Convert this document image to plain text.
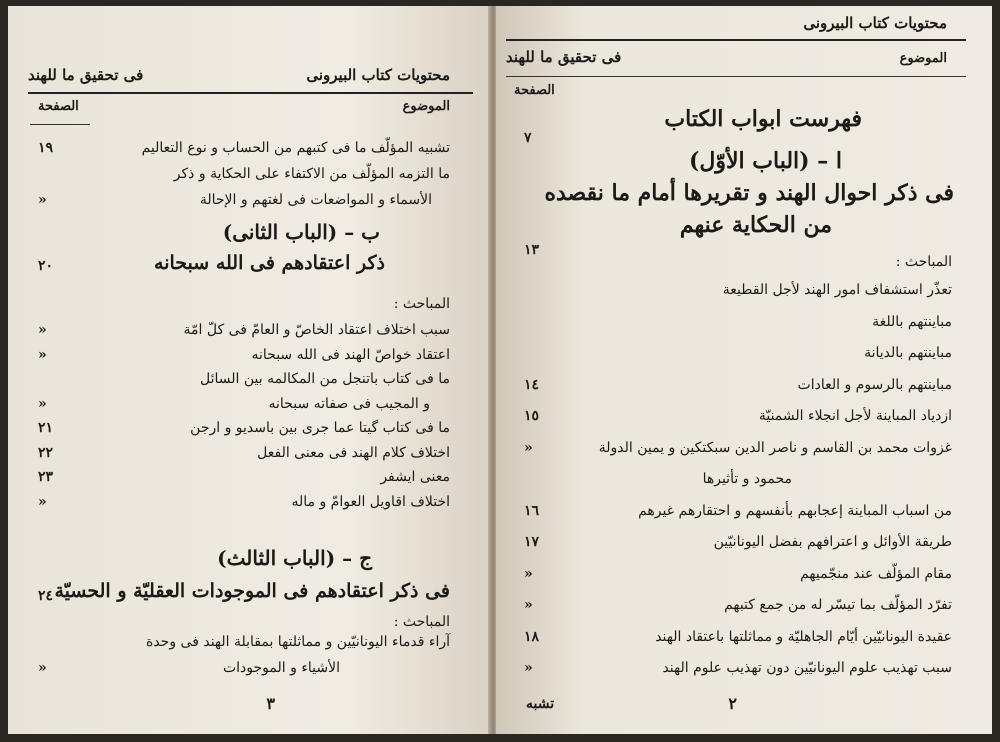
محتويات كتاب البيرونى
فى تحقيق ما للهند
الموضوع
الصفحة
تشبيه المؤلّف ما فى كتبهم من الحساب و نوع التعالیم
١٩
ما التزمه المؤلّف من الاكتفاء على الحكاية و ذكر
الأسماء و المواضعات فى لغتهم و الإحالة
»
ب – (الباب الثانى)
ذكر اعتقادهم فى الله سبحانه
٢٠
المباحث :
سبب اختلاف اعتقاد الخاصّ و العامّ فى كلّ امّة
»
اعتقاد خواصّ الهند فى الله سبحانه
»
ما فى كتاب باتنجل من المكالمه بين السائل
و المجيب فى صفاته سبحانه
»
ما فى كتاب گیتا عما جرى بين باسديو و ارجن
٢١
اختلاف كلام الهند فى معنى الفعل
٢٢
معنى ايشفر
٢٣
اختلاف اقاويل العوامّ و ماله
»
ج – (الباب الثالث)
فى ذكر اعتقادهم فى الموجودات العقليّة و الحسيّة
٢٤
المباحث :
آراء قدماء اليونانيّين و مماثلتها بمقابلة الهند فى وحدة
الأشياء و الموجودات
»
٣
محتويات كتاب البيرونى
الموضوع
فى تحقيق ما للهند
الصفحة
فهرست ابواب الكتاب
٧
ا – (الباب الأوّل)
فى ذكر احوال الهند و تقريرها أمام ما نقصده
من الحكاية عنهم
١٣
المباحث :
تعذّر استشفاف امور الهند لأجل القطيعة
مباينتهم باللغة
مباينتهم بالديانة
مباينتهم بالرسوم و العادات
١٤
ازدياد المباينة لأجل انجلاء الشمنيّة
١٥
غزوات محمد بن القاسم و ناصر الدين سبكتكين و يمين الدولة
»
محمود و تأثيرها
من اسباب المباينة إعجابهم بأنفسهم و احتقارهم غيرهم
١٦
طريقة الأوائل و اعترافهم بفضل اليونانيّين
١٧
مقام المؤلّف عند منجّميهم
»
تفرّد المؤلّف بما تيسّر له من جمع كتبهم
»
عقيدة اليونانيّين أيّام الجاهليّة و مماثلتها باعتقاد الهند
١٨
سبب تهذيب علوم اليونانيّين دون تهذيب علوم الهند
»
تشبه	٢
